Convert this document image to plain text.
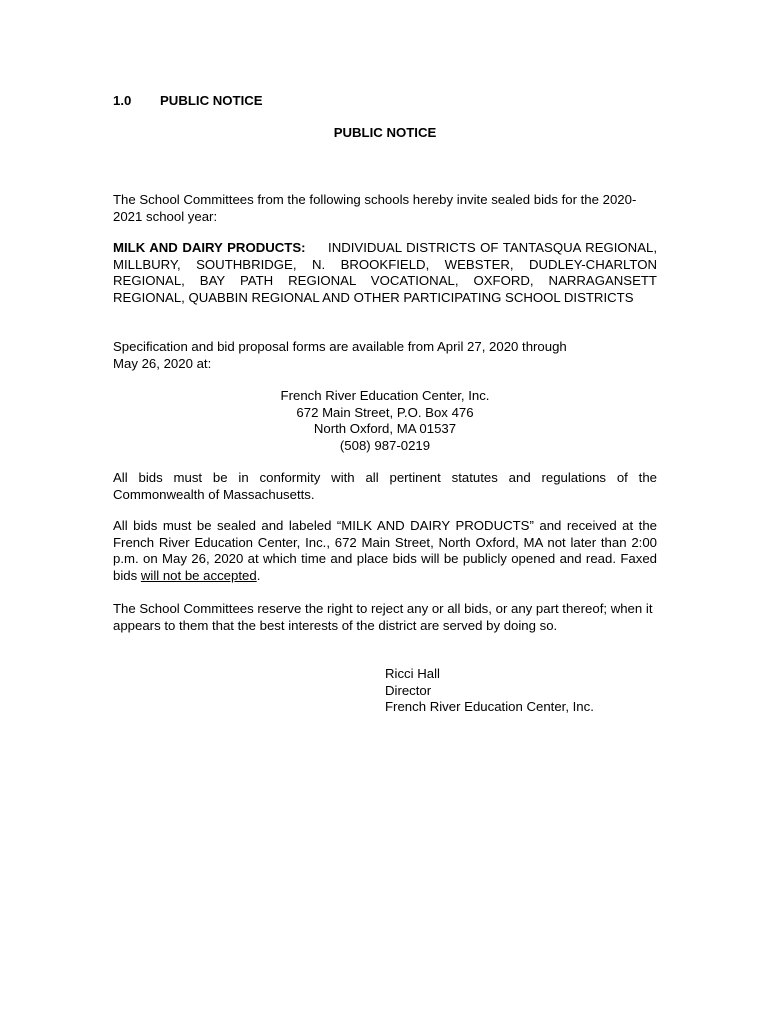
1.0 PUBLIC NOTICE
PUBLIC NOTICE

The School Committees from the following schools hereby invite sealed bids for the 2020-2021 school year:

MILK AND DAIRY PRODUCTS: INDIVIDUAL DISTRICTS OF TANTASQUA REGIONAL, MILLBURY, SOUTHBRIDGE, N. BROOKFIELD, WEBSTER, DUDLEY-CHARLTON REGIONAL, BAY PATH REGIONAL VOCATIONAL, OXFORD, NARRAGANSETT REGIONAL, QUABBIN REGIONAL AND OTHER PARTICIPATING SCHOOL DISTRICTS

Specification and bid proposal forms are available from April 27, 2020 through
May 26, 2020 at:

French River Education Center, Inc.
672 Main Street, P.O. Box 476
North Oxford, MA 01537
(508) 987-0219

All bids must be in conformity with all pertinent statutes and regulations of the Commonwealth of Massachusetts.

All bids must be sealed and labeled “MILK AND DAIRY PRODUCTS” and received at the French River Education Center, Inc., 672 Main Street, North Oxford, MA not later than 2:00 p.m. on May 26, 2020 at which time and place bids will be publicly opened and read. Faxed bids will not be accepted.

The School Committees reserve the right to reject any or all bids, or any part thereof; when it appears to them that the best interests of the district are served by doing so.

Ricci Hall
Director
French River Education Center, Inc.
